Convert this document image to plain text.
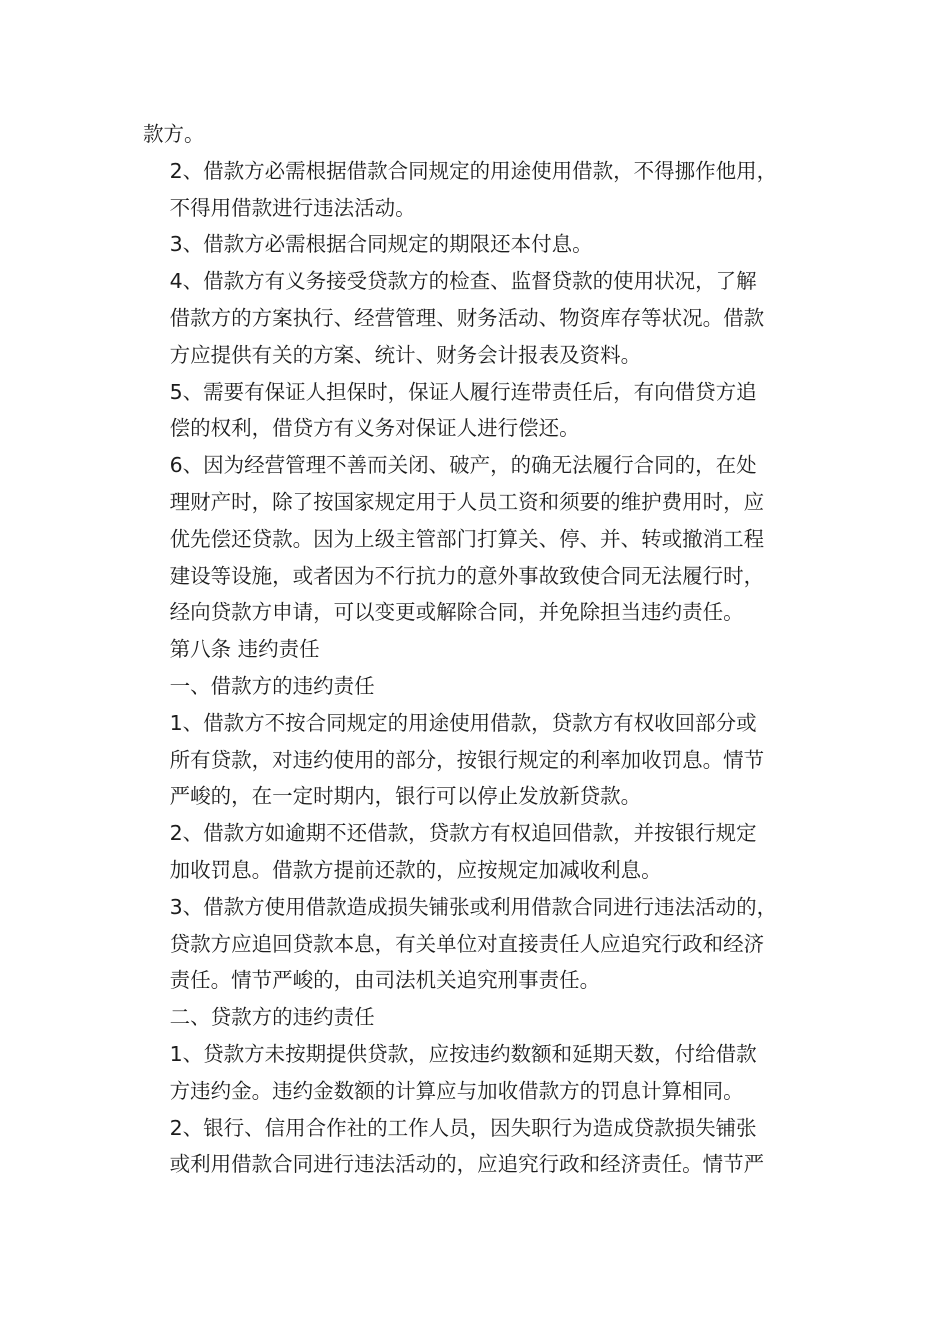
款方。

2、借款方必需根据借款合同规定的用途使用借款，不得挪作他用，
不得用借款进行违法活动。

3、借款方必需根据合同规定的期限还本付息。

4、借款方有义务接受贷款方的检查、监督贷款的使用状况，了解
借款方的方案执行、经营管理、财务活动、物资库存等状况。借款
方应提供有关的方案、统计、财务会计报表及资料。

5、需要有保证人担保时，保证人履行连带责任后，有向借贷方追
偿的权利，借贷方有义务对保证人进行偿还。

6、因为经营管理不善而关闭、破产，的确无法履行合同的，在处
理财产时，除了按国家规定用于人员工资和须要的维护费用时，应
优先偿还贷款。因为上级主管部门打算关、停、并、转或撤消工程
建设等设施，或者因为不行抗力的意外事故致使合同无法履行时，
经向贷款方申请，可以变更或解除合同，并免除担当违约责任。

第八条 违约责任

一、借款方的违约责任

1、借款方不按合同规定的用途使用借款，贷款方有权收回部分或
所有贷款，对违约使用的部分，按银行规定的利率加收罚息。情节
严峻的，在一定时期内，银行可以停止发放新贷款。

2、借款方如逾期不还借款，贷款方有权追回借款，并按银行规定
加收罚息。借款方提前还款的，应按规定加减收利息。

3、借款方使用借款造成损失铺张或利用借款合同进行违法活动的，
贷款方应追回贷款本息，有关单位对直接责任人应追究行政和经济
责任。情节严峻的，由司法机关追究刑事责任。

二、贷款方的违约责任

1、贷款方未按期提供贷款，应按违约数额和延期天数，付给借款
方违约金。违约金数额的计算应与加收借款方的罚息计算相同。

2、银行、信用合作社的工作人员，因失职行为造成贷款损失铺张
或利用借款合同进行违法活动的，应追究行政和经济责任。情节严
